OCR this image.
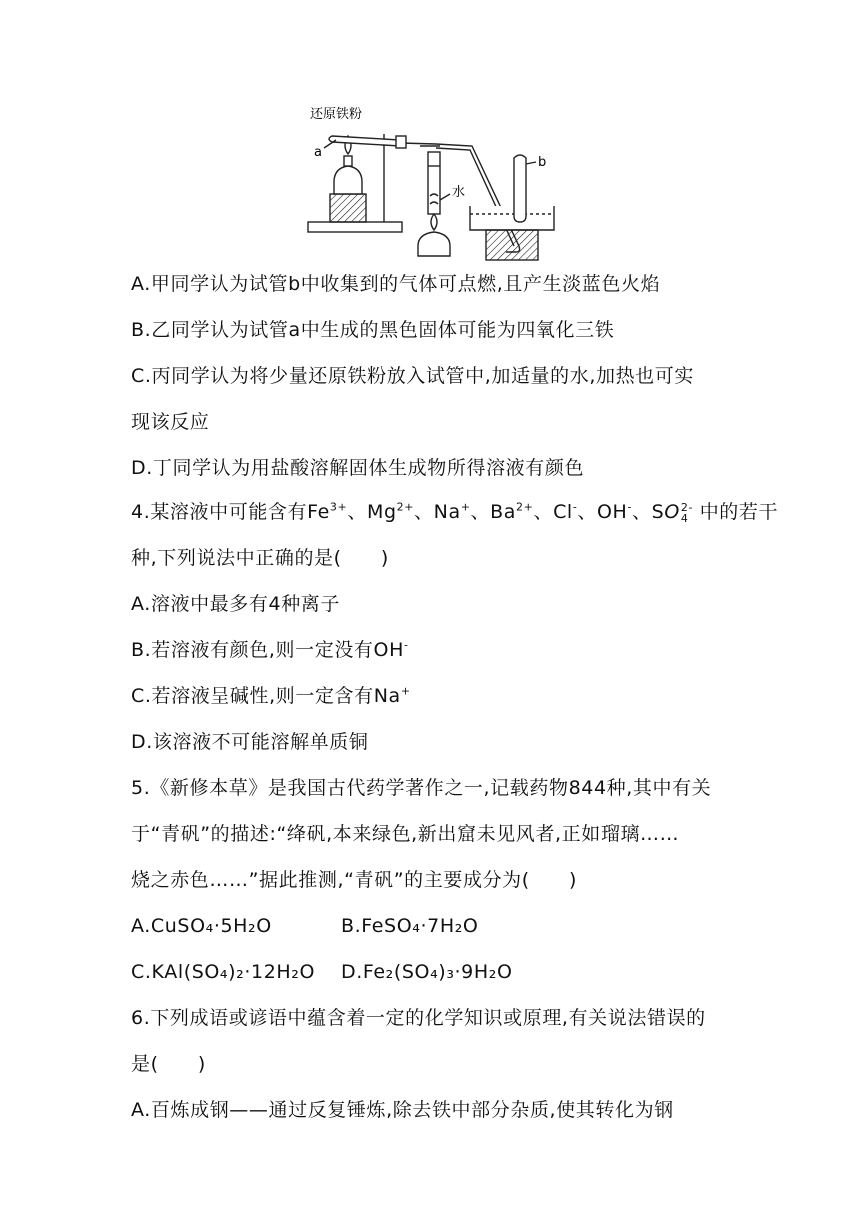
还原铁粉
a
b
水
A.甲同学认为试管b中收集到的气体可点燃,且产生淡蓝色火焰
B.乙同学认为试管a中生成的黑色固体可能为四氧化三铁
C.丙同学认为将少量还原铁粉放入试管中,加适量的水,加热也可实
现该反应
D.丁同学认为用盐酸溶解固体生成物所得溶液有颜色
4.某溶液中可能含有$Fe^{3+}$、$Mg^{2+}$、Na+、$Ba^{2+}$、Cl-、OH-、SO 2-
4 中的若干
种,下列说法中正确的是(　　)
A.溶液中最多有4种离子
B.若溶液有颜色,则一定没有OH-
C.若溶液呈碱性,则一定含有Na+
D.该溶液不可能溶解单质铜
5.《新修本草》是我国古代药学著作之一,记载药物844种,其中有关
于“青矾”的描述:“绛矾,本来绿色,新出窟未见风者,正如瑠璃……
烧之赤色……”据此推测,“青矾”的主要成分为(　　)
A.CuSO₄·5H₂O	B.FeSO₄·7H₂O
C.KAl(SO₄)₂·12H₂O D.Fe₂(SO₄)₃·9H₂O
6.下列成语或谚语中蕴含着一定的化学知识或原理,有关说法错误的
是(　　)
A.百炼成钢——通过反复锤炼,除去铁中部分杂质,使其转化为钢
